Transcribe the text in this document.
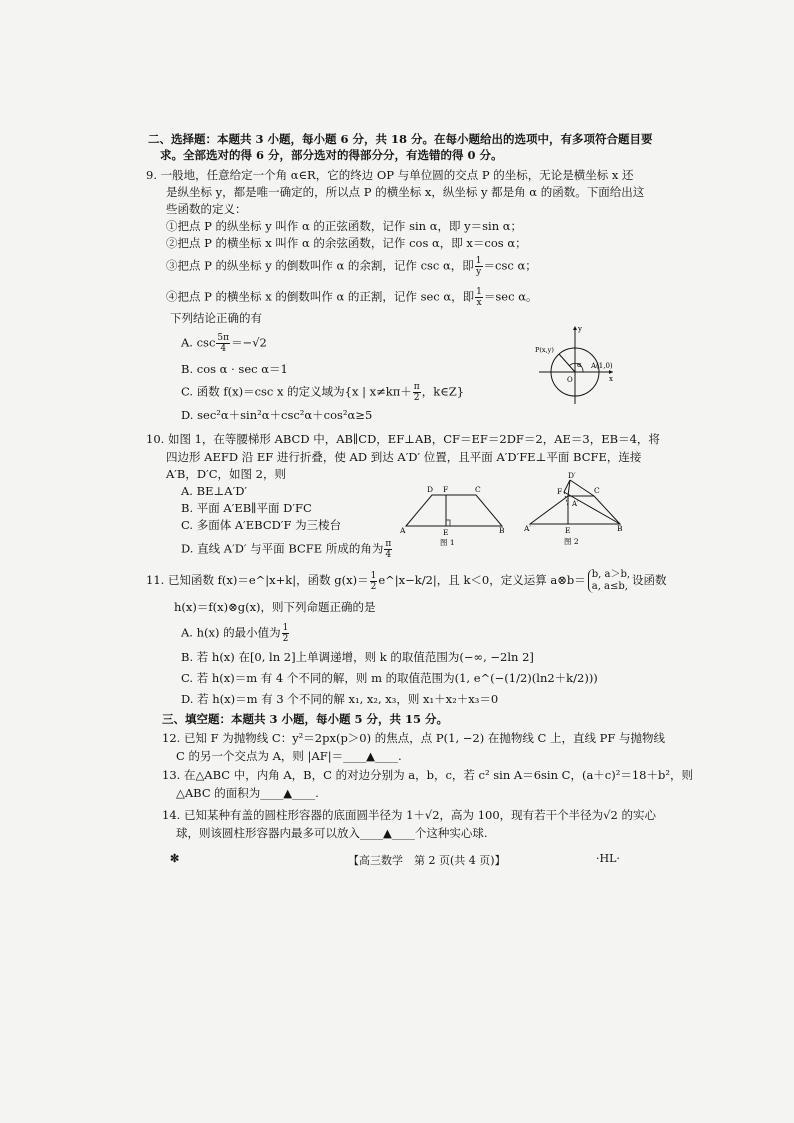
二、选择题：本题共 3 小题，每小题 6 分，共 18 分。在每小题给出的选项中，有多项符合题目要
求。全部选对的得 6 分，部分选对的得部分分，有选错的得 0 分。
9. 一般地，任意给定一个角 α∈R，它的终边 OP 与单位圆的交点 P 的坐标，无论是横坐标 x 还
是纵坐标 y，都是唯一确定的，所以点 P 的横坐标 x，纵坐标 y 都是角 α 的函数。下面给出这
些函数的定义：
①把点 P 的纵坐标 y 叫作 α 的正弦函数，记作 sin α，即 y＝sin α；
②把点 P 的横坐标 x 叫作 α 的余弦函数，记作 cos α，即 x＝cos α；
③把点 P 的纵坐标 y 的倒数叫作 α 的余割，记作 csc α，即 $\frac{1}{y} =\csc$ α；
④把点 P 的横坐标 x 的倒数叫作 α 的正割，记作 sec α，即 $\frac{1}{x} =\sec$ α。
下列结论正确的有
A. $\csc \frac{5\pi}{4} =-√2$
B. cos α · sec α＝1
C. 函数 f(x)＝csc x 的定义域为{x | $x\ne k\pi+ \frac{\pi}{2}$ ，k∈Z}
D. sec²α＋sin²α＋csc²α＋cos²α≥5
y
x
P(x,y)
α A(1,0)
O
10. 如图 1，在等腰梯形 ABCD 中，AB∥CD，EF⊥AB，CF＝EF＝2DF＝2，AE＝3，EB＝4，将
四边形 AEFD 沿 EF 进行折叠，使 AD 到达 A′D′ 位置，且平面 A′D′FE⊥平面 BCFE，连接
A′B，D′C，如图 2，则
A. BE⊥A′D′
B. 平面 A′EB∥平面 D′FC
C. 多面体 A′EBCD′F 为三棱台
D. 直线 A′D′ 与平面 BCFE 所成的角为 $\frac{\pi}{4}$
D F	C
A	E	B
图 1
D′
F	C
A′
A′	E	B
图 2
11. 已知函数 f(x)＝e^|x+k|，函数 $g(x)= \frac{1}{2}$ e^|x−k/2|，且 k＜0，定义运算 a⊗b＝ b, a＞b,
a, a≤b, 设函数
h(x)＝f(x)⊗g(x)，则下列命题正确的是
A. h(x) 的最小值为 $\frac{1}{2}$
B. 若 h(x) 在[0, ln 2]上单调递增，则 k 的取值范围为(−∞, −2ln 2]
C. 若 h(x)＝m 有 4 个不同的解，则 m 的取值范围为(1, e^(−(1/2)(ln2＋k/2)))
D. 若 h(x)＝m 有 3 个不同的解 x₁, x₂, x₃，则 x₁＋x₂＋x₃＝0
三、填空题：本题共 3 小题，每小题 5 分，共 15 分。
12. 已知 F 为抛物线 C：y²＝2px(p＞0) 的焦点，点 P(1, −2) 在抛物线 C 上，直线 PF 与抛物线
C 的另一个交点为 A，则 |AF|＝____▲____.
13. 在△ABC 中，内角 A，B，C 的对边分别为 a，b，c，若 c² sin A＝6sin C，(a＋c)²＝18＋b²，则
△ABC 的面积为____▲____.
14. 已知某种有盖的圆柱形容器的底面圆半径为 1＋√2，高为 100，现有若干个半径为√2 的实心
球，则该圆柱形容器内最多可以放入____▲____个这种实心球.
✼	【高三数学　第 2 页(共 4 页)】	·HL·
